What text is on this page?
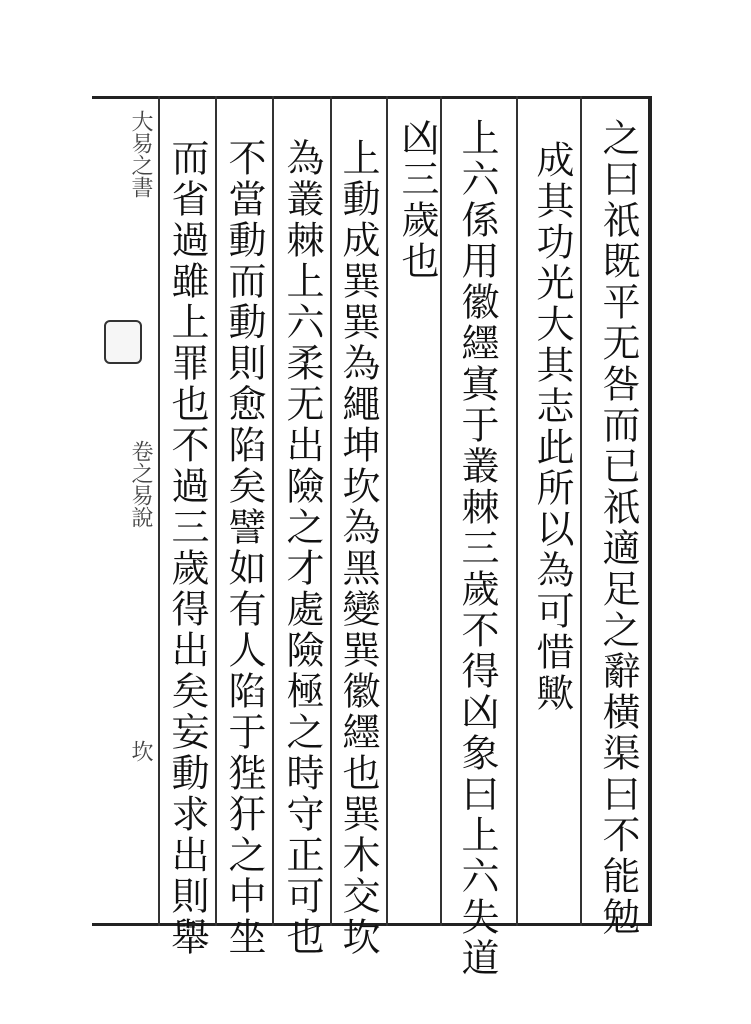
大易之書
卷之易說
坎	之曰祇既平无咎而已祇適足之辭橫渠曰不能勉
成其功光大其志此所以為可惜歟
上六係用徽纆寘于叢棘三歲不得凶象曰上六失道
凶三歲也
上動成巽巽為繩坤坎為黑變巽徽纆也巽木交坎
為叢棘上六柔无出險之才處險極之時守正可也
不當動而動則愈陷矣譬如有人陷于狴犴之中坐
而省過雖上罪也不過三歲得出矣妄動求出則舉
